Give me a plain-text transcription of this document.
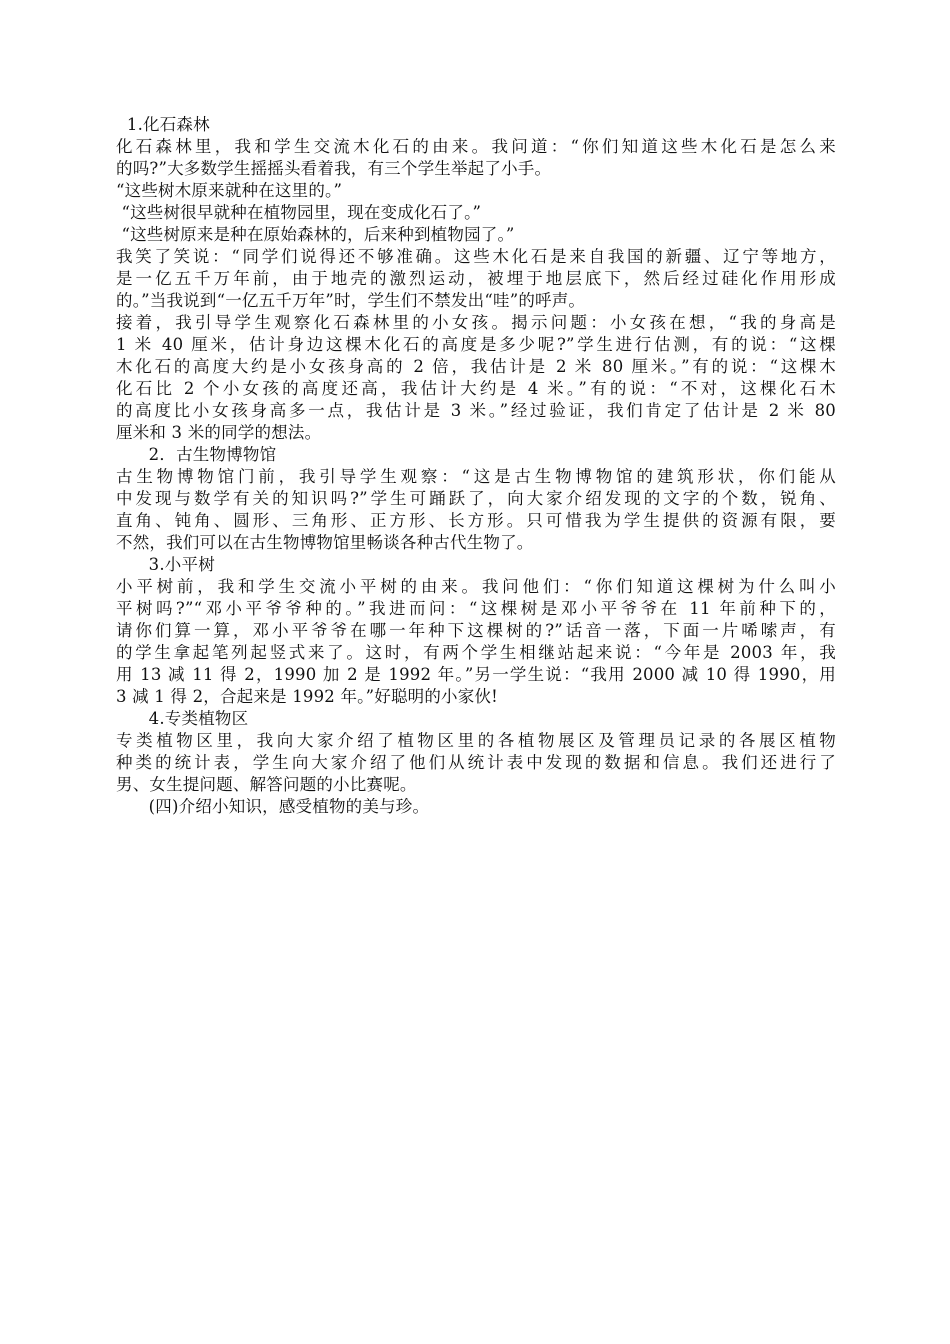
1.化石森林
化石森林里，我和学生交流木化石的由来。我问道：“你们知道这些木化石是怎么来
的吗?”大多数学生摇摇头看着我，有三个学生举起了小手。
“这些树木原来就种在这里的。”
“这些树很早就种在植物园里，现在变成化石了。”
“这些树原来是种在原始森林的，后来种到植物园了。”
我笑了笑说：“同学们说得还不够准确。这些木化石是来自我国的新疆、辽宁等地方，
是一亿五千万年前，由于地壳的激烈运动，被埋于地层底下，然后经过硅化作用形成
的。”当我说到“一亿五千万年”时，学生们不禁发出“哇”的呼声。
接着，我引导学生观察化石森林里的小女孩。揭示问题：小女孩在想，“我的身高是
1 米 40 厘米，估计身边这棵木化石的高度是多少呢?”学生进行估测，有的说：“这棵
木化石的高度大约是小女孩身高的 2 倍，我估计是 2 米 80 厘米。”有的说：“这棵木
化石比 2 个小女孩的高度还高，我估计大约是 4 米。”有的说：“不对，这棵化石木
的高度比小女孩身高多一点，我估计是 3 米。”经过验证，我们肯定了估计是 2 米 80
厘米和 3 米的同学的想法。
2．古生物博物馆
古生物博物馆门前，我引导学生观察：“这是古生物博物馆的建筑形状，你们能从
中发现与数学有关的知识吗?”学生可踊跃了，向大家介绍发现的文字的个数，锐角、
直角、钝角、圆形、三角形、正方形、长方形。只可惜我为学生提供的资源有限，要
不然，我们可以在古生物博物馆里畅谈各种古代生物了。
3.小平树
小平树前，我和学生交流小平树的由来。我问他们：“你们知道这棵树为什么叫小
平树吗?”“邓小平爷爷种的。”我进而问：“这棵树是邓小平爷爷在 11 年前种下的，
请你们算一算，邓小平爷爷在哪一年种下这棵树的?”话音一落，下面一片唏嗦声，有
的学生拿起笔列起竖式来了。这时，有两个学生相继站起来说：“今年是 2003 年，我
用 13 减 11 得 2，1990 加 2 是 1992 年。”另一学生说：“我用 2000 减 10 得 1990，用
3 减 1 得 2，合起来是 1992 年。”好聪明的小家伙!
4.专类植物区
专类植物区里，我向大家介绍了植物区里的各植物展区及管理员记录的各展区植物
种类的统计表，学生向大家介绍了他们从统计表中发现的数据和信息。我们还进行了
男、女生提问题、解答问题的小比赛呢。
(四)介绍小知识，感受植物的美与珍。
